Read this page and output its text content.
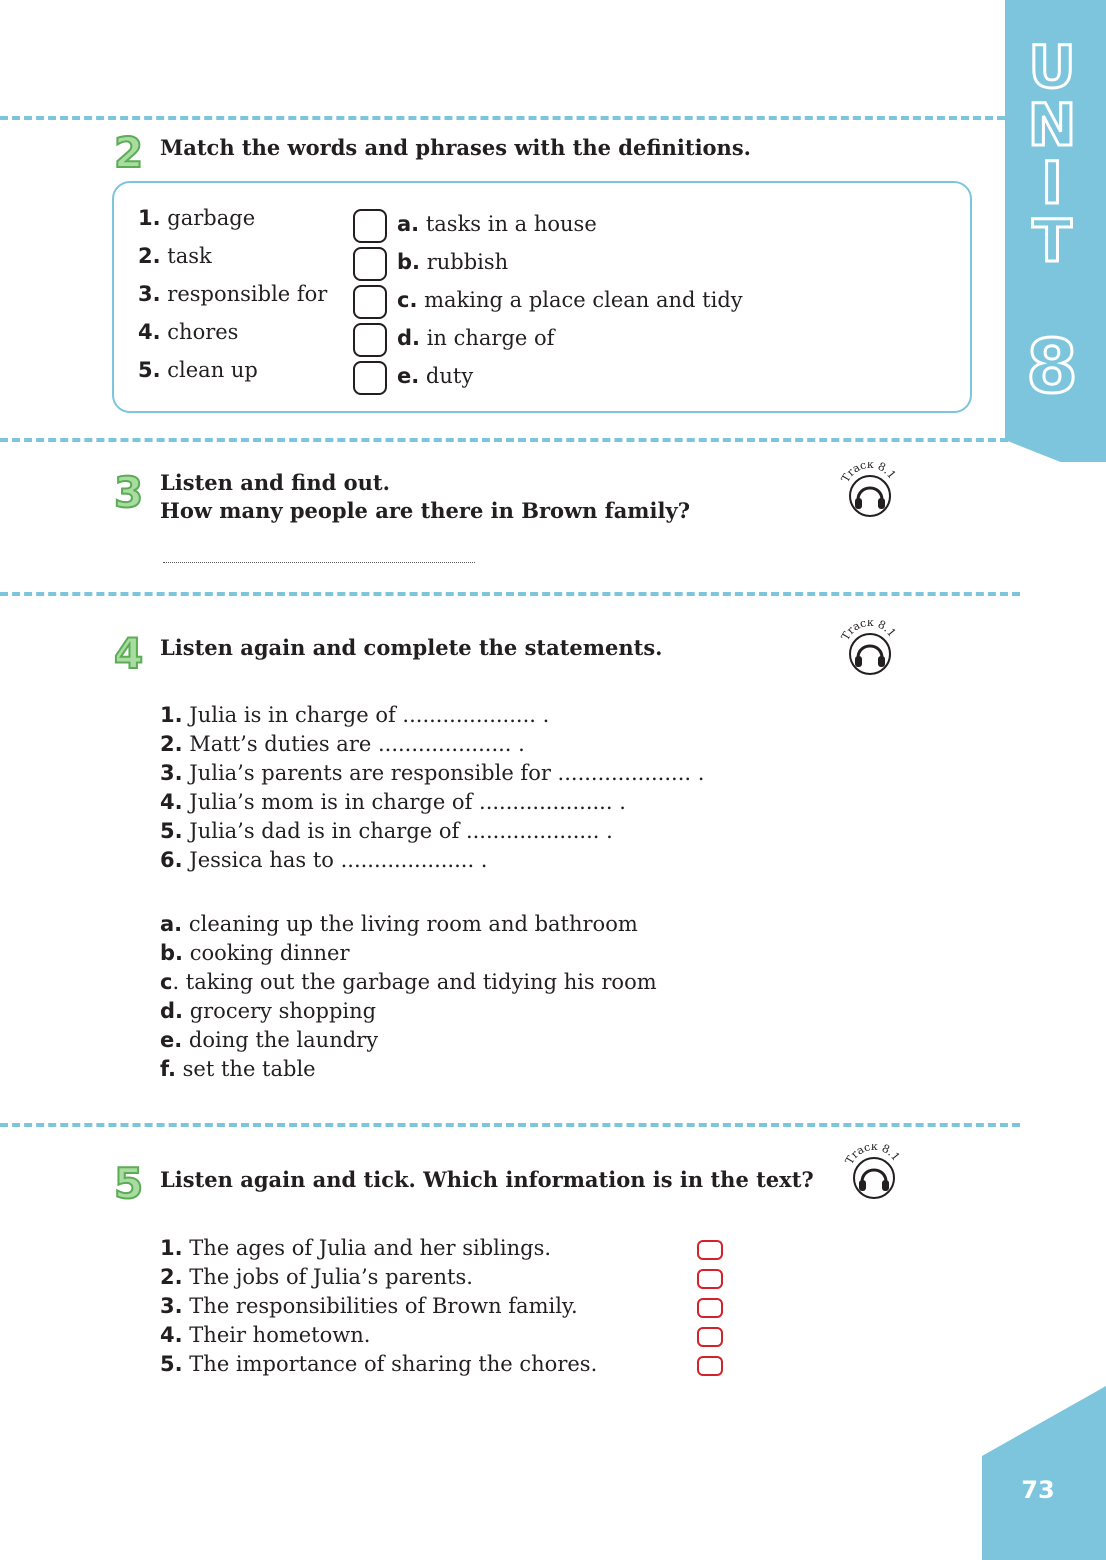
U
N
I
T
8
73
2 Match the words and phrases with the definitions.
1. garbage
2. task
3. responsible for
4. chores
5. clean up
a. tasks in a house
b. rubbish
c. making a place clean and tidy
d. in charge of
e. duty
3 Listen and find out.
How many people are there in Brown family?
Track 8.1
4 Listen again and complete the statements.	Track 8.1
1. Julia is in charge of .................... .
2. Matt’s duties are .................... .
3. Julia’s parents are responsible for .................... .
4. Julia’s mom is in charge of .................... .
5. Julia’s dad is in charge of .................... .
6. Jessica has to .................... .
a. cleaning up the living room and bathroom
b. cooking dinner
c. taking out the garbage and tidying his room
d. grocery shopping
e. doing the laundry
f. set the table
5 Listen again and tick. Which information is in the text?
Track 8.1
1. The ages of Julia and her siblings.
2. The jobs of Julia’s parents.
3. The responsibilities of Brown family.
4. Their hometown.
5. The importance of sharing the chores.
